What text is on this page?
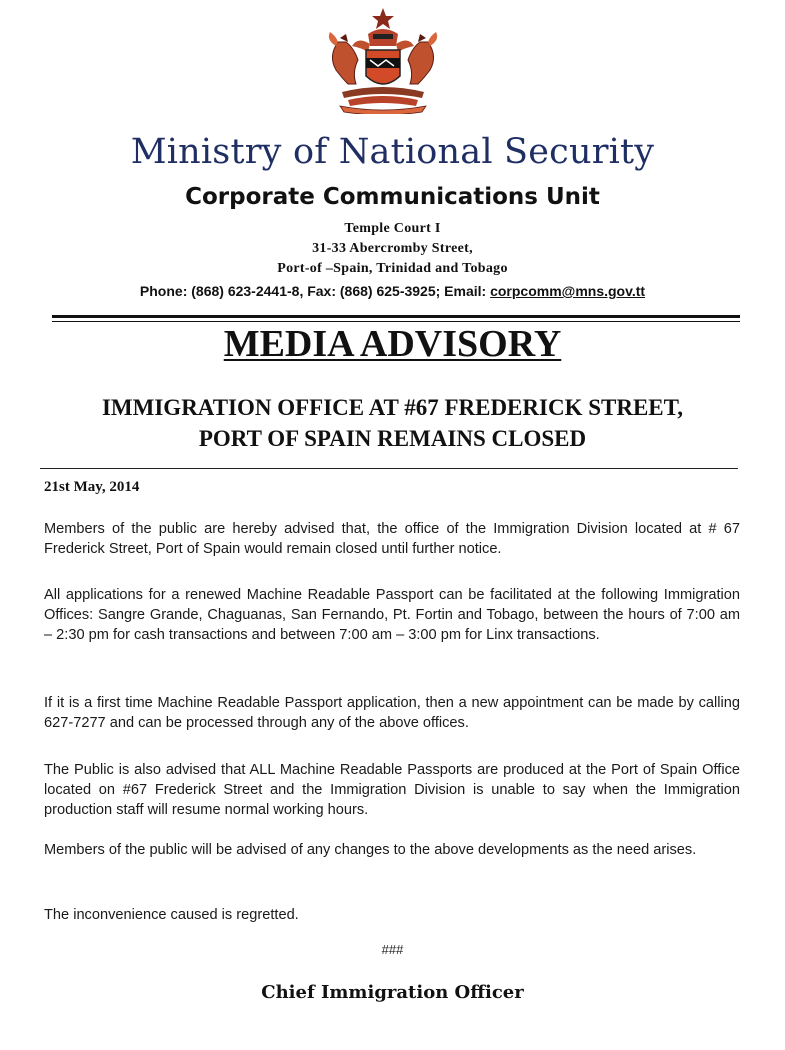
Ministry of National Security
Corporate Communications Unit
Temple Court I
31-33 Abercromby Street,
Port-of –Spain, Trinidad and Tobago
Phone: (868) 623-2441-8, Fax: (868) 625-3925; Email: corpcomm@mns.gov.tt
MEDIA ADVISORY
IMMIGRATION OFFICE AT #67 FREDERICK STREET,
PORT OF SPAIN REMAINS CLOSED
21st May, 2014
Members of the public are hereby advised that, the office of the Immigration Division located at # 67 Frederick Street, Port of Spain would remain closed until further notice.
All applications for a renewed Machine Readable Passport can be facilitated at the following Immigration Offices: Sangre Grande, Chaguanas, San Fernando, Pt. Fortin and Tobago, between the hours of 7:00 am – 2:30 pm for cash transactions and between 7:00 am – 3:00 pm for Linx transactions.
If it is a first time Machine Readable Passport application, then a new appointment can be made by calling 627-7277 and can be processed through any of the above offices.
The Public is also advised that ALL Machine Readable Passports are produced at the Port of Spain Office located on #67 Frederick Street and the Immigration Division is unable to say when the Immigration production staff will resume normal working hours.
Members of the public will be advised of any changes to the above developments as the need arises.
The inconvenience caused is regretted.
###
Chief Immigration Officer
